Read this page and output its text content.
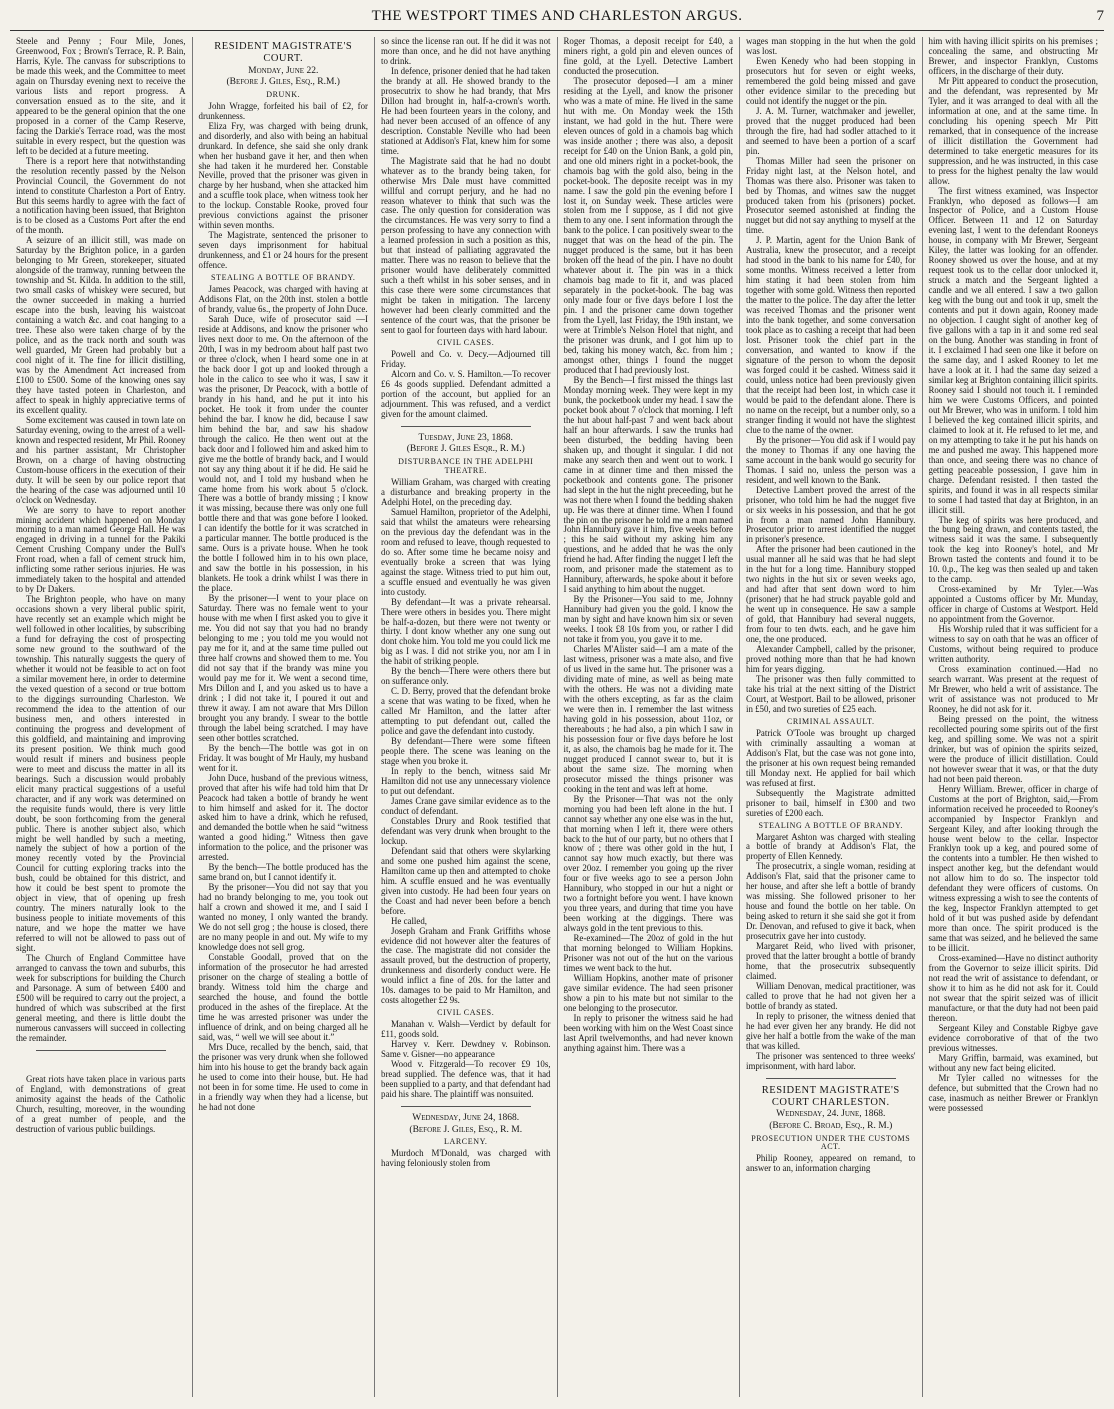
THE WESTPORT TIMES AND CHARLESTON ARGUS.	7

Steele and Penny ; Four Mile, Jones, Greenwood, Fox ; Brown's Terrace, R. P. Bain, Harris, Kyle. The canvass for subscriptions to be made this week, and the Committee to meet again on Thursday evening next to receive the various lists and report progress. A conversation ensued as to the site, and it appeared to be the general opinion that the one proposed in a corner of the Camp Reserve, facing the Darkie's Terrace road, was the most suitable in every respect, but the question was left to be decided at a future meeting.

There is a report here that notwithstanding the resolution recently passed by the Nelson Provincial Council, the Government do not intend to constitute Charleston a Port of Entry. But this seems hardly to agree with the fact of a notification having been issued, that Brighton is to be closed as a Customs Port after the end of the month.

A seizure of an illicit still, was made on Saturday by the Brighton police, in a garden belonging to Mr Green, storekeeper, situated alongside of the tramway, running between the township and St. Kilda. In addition to the still, two small casks of whiskey were secured, but the owner succeeded in making a hurried escape into the bush, leaving his waistcoat containing a watch &c. and coat hanging to a tree. These also were taken charge of by the police, and as the track north and south was well guarded, Mr Green had probably but a cool night of it. The fine for illicit distilling, was by the Amendment Act increased from £100 to £500. Some of the knowing ones say they have tasted poteen in Charleston, and affect to speak in highly appreciative terms of its excellent quality.

Some excitement was caused in town late on Saturday evening, owing to the arrest of a well-known and respected resident, Mr Phil. Rooney and his partner assistant, Mr Christopher Brown, on a charge of having obstructing Custom-house officers in the execution of their duty. It will be seen by our police report that the hearing of the case was adjourned until 10 o'clock on Wednesday.

We are sorry to have to report another mining accident which happened on Monday morning to a man named George Hall. He was engaged in driving in a tunnel for the Pakiki Cement Crushing Company under the Bull's Front road, when a fall of cement struck him, inflicting some rather serious injuries. He was immediately taken to the hospital and attended to by Dr Dakers.

The Brighton people, who have on many occasions shown a very liberal public spirit, have recently set an example which might be well followed in other localities, by subscribing a fund for defraying the cost of prospecting some new ground to the southward of the township. This naturally suggests the query of whether it would not be feasible to act on foot a similar movement here, in order to determine the vexed question of a second or true bottom to the diggings surrounding Charleston. We recommend the idea to the attention of our business men, and others interested in continuing the progress and development of this goldfield, and maintaining and improving its present position. We think much good would result if miners and business people were to meet and discuss the matter in all its bearings. Such a discussion would probably elicit many practical suggestions of a useful character, and if any work was determined on the requisite funds would, there is very little doubt, be soon forthcoming from the general public. There is another subject also, which might be well handled by such a meeting, namely the subject of how a portion of the money recently voted by the Provincial Council for cutting exploring tracks into the bush, could be obtained for this district, and how it could be best spent to promote the object in view, that of opening up fresh country. The miners naturally look to the business people to initiate movements of this nature, and we hope the matter we have referred to will not be allowed to pass out of sight.

The Church of England Committee have arranged to canvass the town and suburbs, this week for subscriptions for building the Church and Parsonage. A sum of between £400 and £500 will be required to carry out the project, a hundred of which was subscribed at the first general meeting, and there is little doubt the numerous canvassers will succeed in collecting the remainder.

Great riots have taken place in various parts of England, with demonstrations of great animosity against the heads of the Catholic Church, resulting, moreover, in the wounding of a great number of people, and the destruction of various public buildings.

RESIDENT MAGISTRATE'S COURT.
Monday, June 22.
(Before J. Giles, Esq., R.M.)
DRUNK.

John Wragge, forfeited his bail of £2, for drunkenness.

Eliza Fry, was charged with being drunk, and disorderly, and also with being an habitual drunkard. In defence, she said she only drank when her husband gave it her, and then when she had taken it he murdered her. Constable Neville, proved that the prisoner was given in charge by her husband, when she attacked him and a scuffle took place, when witness took her to the lockup. Constable Rooke, proved four previous convictions against the prisoner within seven months.

The Magistrate, sentenced the prisoner to seven days imprisonment for habitual drunkenness, and £1 or 24 hours for the present offence.

STEALING A BOTTLE OF BRANDY.

James Peacock, was charged with having at Addisons Flat, on the 20th inst. stolen a bottle of brandy, value 6s., the property of John Duce.

Sarah Duce, wife of prosecutor said —I reside at Addisons, and know the prisoner who lives next door to me. On the afternoon of the 20th, I was in my bedroom about half past two or three o'clock, when I heard some one in at the back door I got up and looked through a hole in the calico to see who it was, I saw it was the prisoner, Dr Peacock, with a bottle of brandy in his hand, and he put it into his pocket. He took it from under the counter behind the bar. I know he did, because I saw him behind the bar, and saw his shadow through the calico. He then went out at the back door and I followed him and asked him to give me the bottle of brandy back, and I would not say any thing about it if he did. He said he would not, and I told my husband when he came home from his work about 5 o'clock. There was a bottle of brandy missing ; I know it was missing, because there was only one full bottle there and that was gone before I looked. I can identify the bottle for it was scratched in a particular manner. The bottle produced is the same. Ours is a private house. When he took the bottle I followed him in to his own place, and saw the bottle in his possession, in his blankets. He took a drink whilst I was there in the place.

By the prisoner—I went to your place on Saturday. There was no female went to your house with me when I first asked you to give it me. You did not say that you had no brandy belonging to me ; you told me you would not pay me for it, and at the same time pulled out three half crowns and showed them to me. You did not say that if the brandy was mine you would pay me for it. We went a second time, Mrs Dillon and I, and you asked us to have a drink ; I did not take it, I poured it out and threw it away. I am not aware that Mrs Dillon brought you any brandy. I swear to the bottle through the label being scratched. I may have seen other bottles scratched.

By the bench—The bottle was got in on Friday. It was bought of Mr Hauly, my husband went for it.

John Duce, husband of the previous witness, proved that after his wife had told him that Dr Peacock had taken a bottle of brandy he went to him himself and asked for it. The doctor asked him to have a drink, which he refused, and demanded the bottle when he said “witness wanted a good hiding.” Witness then gave information to the police, and the prisoner was arrested.

By the bench—The bottle produced has the same brand on, but I cannot identify it.

By the prisoner—You did not say that you had no brandy belonging to me, you took out half a crown and showed it me, and I said I wanted no money, I only wanted the brandy. We do not sell grog ; the house is closed, there are no many people in and out. My wife to my knowledge does not sell grog.

Constable Goodall, proved that on the information of the prosecutor he had arrested prisoner on the charge of stealing a bottle of brandy. Witness told him the charge and searched the house, and found the bottle produced in the ashes of the fireplace. At the time he was arrested prisoner was under the influence of drink, and on being charged all he said, was, “ well we will see about it.”

Mrs Duce, recalled by the bench, said, that the prisoner was very drunk when she followed him into his house to get the brandy back again he used to come into their house, but. He had not been in for some time. He used to come in in a friendly way when they had a license, but he had not done

so since the license ran out. If he did it was not more than once, and he did not have anything to drink.

In defence, prisoner denied that he had taken the brandy at all. He showed brandy to the prosecutrix to show he had brandy, that Mrs Dillon had brought in, half-a-crown's worth. He had been fourteen years in the colony, and had never been accused of an offence of any description. Constable Neville who had been stationed at Addison's Flat, knew him for some time.

The Magistrate said that he had no doubt whatever as to the brandy being taken, for otherwise Mrs Dale must have committed willful and corrupt perjury, and he had no reason whatever to think that such was the case. The only question for consideration was the circumstances. He was very sorry to find a person professing to have any connection with a learned profession in such a position as this, but that instead of palliating aggravated the matter. There was no reason to believe that the prisoner would have deliberately committed such a theft whilst in his sober senses, and in this case there were some circumstances that might be taken in mitigation. The larceny however had been clearly committed and the sentence of the court was, that the prisoner be sent to gaol for fourteen days with hard labour.

CIVIL CASES.

Powell and Co. v. Decy.—Adjourned till Friday.

Alcorn and Co. v. S. Hamilton.—To recover £6 4s goods supplied. Defendant admitted a portion of the account, but applied for an adjournment. This was refused, and a verdict given for the amount claimed.

Tuesday, June 23, 1868.
(Before J. Giles Esqr., R. M.)
DISTURBANCE IN THE ADELPHI THEATRE.

William Graham, was charged with creating a disturbance and breaking property in the Adelphi Hotel, on the preceding day.

Samuel Hamilton, proprietor of the Adelphi, said that whilst the amateurs were rehearsing on the previous day the defendant was in the room and refused to leave, though requested to do so. After some time he became noisy and eventually broke a screen that was lying against the stage. Witness tried to put him out, a scuffle ensued and eventually he was given into custody.

By defendant—It was a private rehearsal. There were others in besides you. There might be half-a-dozen, but there were not twenty or thirty. I dont know whether any one sung out dont choke him. You told me you could lick me big as I was. I did not strike you, nor am I in the habit of striking people.

By the bench—There were others there but on sufferance only.

C. D. Berry, proved that the defendant broke a scene that was wating to be fixed, when he called Mr Hamilton, and the latter after attempting to put defendant out, called the police and gave the defendant into custody.

By defendant—There were some fifteen people there. The scene was leaning on the stage when you broke it.

In reply to the bench, witness said Mr Hamilton did not use any unnecessary violence to put out defendant.

James Crane gave similar evidence as to the conduct of defendant.

Constables Drury and Rook testified that defendant was very drunk when brought to the lockup.

Defendant said that others were skylarking and some one pushed him against the scene, Hamilton came up then and attempted to choke him. A scuffle ensued and he was eventually given into custody. He had been four years on the Coast and had never been before a bench before.

He called,

Joseph Graham and Frank Griffiths whose evidence did not however alter the features of the case. The magistrate did not consider the assault proved, but the destruction of property, drunkenness and disorderly conduct were. He would inflict a fine of 20s. for the latter and 10s. damages to be paid to Mr Hamilton, and costs altogether £2 9s.

CIVIL CASES.

Manahan v. Walsh—Verdict by default for £11, goods sold.

Harvey v. Kerr. Dewdney v. Robinson. Same v. Gisner—no appearance

Wood v. Fitzgerald—To recover £9 10s, bread supplied. The defence was, that it had been supplied to a party, and that defendant had paid his share. The plaintiff was nonsuited.

Wednesday, June 24, 1868.
(Before J. Giles, Esq., R. M.
LARCENY.

Murdoch M'Donald, was charged with having feloniously stolen from

Roger Thomas, a deposit receipt for £40, a miners right, a gold pin and eleven ounces of fine gold, at the Lyell. Detective Lambert conducted the prosecution.

The prosecutor deposed—I am a miner residing at the Lyell, and know the prisoner who was a mate of mine. He lived in the same hut with me. On Monday week the 15th instant, we had gold in the hut. There were eleven ounces of gold in a chamois bag which was inside another ; there was also, a deposit receipt for £40 on the Union Bank, a gold pin, and one old miners right in a pocket-book, the chamois bag with the gold also, being in the pocket-book. The deposite receipt was in my name. I saw the gold pin the evening before I lost it, on Sunday week. These articles were stolen from me I suppose, as I did not give them to any one. I sent information through the bank to the police. I can positively swear to the nugget that was on the head of the pin. The nugget produced is the same, but it has been broken off the head of the pin. I have no doubt whatever about it. The pin was in a thick chamois bag made to fit it, and was placed separately in the pocket-book. The bag was only made four or five days before I lost the pin. I and the prisoner came down together from the Lyell, last Friday, the 19th instant, we were at Trimble's Nelson Hotel that night, and the prisoner was drunk, and I got him up to bed, taking his money watch, &c. from him ; amongst other, things I found the nugget produced that I had previously lost.

By the Bench—I first missed the things last Monday morning week. They were kept in my bunk, the pocketbook under my head. I saw the pocket book about 7 o'clock that morning. I left the hut about half-past 7 and went back about half an hour afterwards. I saw the trunks had been disturbed, the bedding having been shaken up, and thought it singular. I did not make any search then and went out to work. I came in at dinner time and then missed the pocketbook and contents gone. The prisoner had slept in the hut the night preceeding, but he was not there when I found the bedding shaken up. He was there at dinner time. When I found the pin on the prisoner he told me a man named John Hannibury gave it him, five weeks before ; this he said without my asking him any questions, and he added that he was the only friend he had. After finding the nugget I left the room, and prisoner made the statement as to Hannibury, afterwards, he spoke about it before I said anything to him about the nugget.

By the Prisoner—You said to me, Johnny Hannibury had given you the gold. I know the man by sight and have known him six or seven weeks. I took £8 10s from you, or rather I did not take it from you, you gave it to me.

Charles M'Alister said—I am a mate of the last witness, prisoner was a mate also, and five of us lived in the same hut. The prisoner was a dividing mate of mine, as well as being mate with the others. He was not a dividing mate with the others excepting, as far as the claim we were then in. I remember the last witness having gold in his possession, about 11oz, or thereabouts ; he had also, a pin which I saw in his possession four or five days before he lost it, as also, the chamois bag he made for it. The nugget produced I cannot swear to, but it is about the same size. The morning when prosecutor missed the things prisoner was cooking in the tent and was left at home.

By the Prisoner—That was not the only morning you had been left alone in the hut. I cannot say whether any one else was in the hut, that morning when I left it, there were others back to the hut of our party, but no others that I know of ; there was other gold in the hut, I cannot say how much exactly, but there was over 20oz. I remember you going up the river four or five weeks ago to see a person John Hannibury, who stopped in our hut a night or two a fortnight before you went. I have known you three years, and during that time you have been working at the diggings. There was always gold in the tent previous to this.

Re-examined—The 20oz of gold in the hut that morning belonged to William Hopkins. Prisoner was not out of the hut on the various times we went back to the hut.

William Hopkins, another mate of prisoner gave similar evidence. The had seen prisoner show a pin to his mate but not similar to the one belonging to the prosecutor.

In reply to prisoner the witness said he had been working with him on the West Coast since last April twelvemonths, and had never known anything against him. There was a

wages man stopping in the hut when the gold was lost.

Ewen Kenedy who had been stopping in prosecutors hut for seven or eight weeks, remembered the gold being missed and gave other evidence similar to the preceding but could not identify the nugget or the pin.

J. A. M. Turner, watchmaker and jeweller, proved that the nugget produced had been through the fire, had had sodler attached to it and seemed to have been a portion of a scarf pin.

Thomas Miller had seen the prisoner on Friday night last, at the Nelson hotel, and Thomas was there also. Prisoner was taken to bed by Thomas, and witnes saw the nugget produced taken from his (prisoners) pocket. Prosecutor seemed astonished at finding the nugget but did not say anything to myself at the time.

J. P. Martin, agent for the Union Bank of Australia, knew the prosecutor, and a receipt had stood in the bank to his name for £40, for some months. Witness received a letter from him stating it had been stolen from him together with some gold. Witness then reported the matter to the police. The day after the letter was received Thomas and the prisoner went into the bank together, and some conversation took place as to cashing a receipt that had been lost. Prisoner took the chief part in the conversation, and wanted to know if the signature of the person to whom the deposit was forged could it be cashed. Witness said it could, unless notice had been previously given that the receipt had been lost, in which case it would be paid to the defendant alone. There is no name on the receipt, but a number only, so a stranger finding it would not have the slightest clue to the name of the owner.

By the prisoner—You did ask if I would pay the money to Thomas if any one having the same account in the bank would go security for Thomas. I said no, unless the person was a resident, and well known to the Bank.

Detective Lambert proved the arrest of the prisoner, who told him he had the nugget five or six weeks in his possession, and that he got in from a man named John Hannibury. Prosecutor prior to arrest identified the nugget in prisoner's presence.

After the prisoner had been cautioned in the usual manner all he said was that he had slept in the hut for a long time. Hannibury stopped two nights in the hut six or seven weeks ago, and had after that sent down word to him (prisoner) that he had struck payable gold and he went up in consequence. He saw a sample of gold, that Hannibury had several nuggets, from four to ten dwts. each, and he gave him one, the one produced.

Alexander Campbell, called by the prisoner, proved nothing more than that he had known him for years digging.

The prisoner was then fully committed to take his trial at the next sitting of the District Court, at Westport. Bail to be allowed, prisoner in £50, and two sureties of £25 each.

CRIMINAL ASSAULT.

Patrick O'Toole was brought up charged with criminally assaulting a woman at Addison's Flat, but the case was not gone into, the prisoner at his own request being remanded till Monday next. He applied for bail which was refused at first.

Subsequently the Magistrate admitted prisoner to bail, himself in £300 and two sureties of £200 each.

STEALING A BOTTLE OF BRANDY.

Margaret Ashton was charged with stealing a bottle of brandy at Addison's Flat, the property of Ellen Kennedy.

The prosecutrix, a single woman, residing at Addison's Flat, said that the prisoner came to her house, and after she left a bottle of brandy was missing. She followed prisoner to her house and found the bottle on her table. On being asked to return it she said she got it from Dr. Denovan, and refused to give it back, when prosecutrix gave her into custody.

Margaret Reid, who lived with prisoner, proved that the latter brought a bottle of brandy home, that the prosecutrix subsequently claimed.

William Denovan, medical practitioner, was called to prove that he had not given her a bottle of brandy as stated.

In reply to prisoner, the witness denied that he had ever given her any brandy. He did not give her half a bottle from the wake of the man that was killed.

The prisoner was sentenced to three weeks' imprisonment, with hard labor.

RESIDENT MAGISTRATE'S COURT CHARLESTON.
Wednesday, 24. June, 1868.
(Before C. Broad, Esq., R. M.)
PROSECUTION UNDER THE CUSTOMS ACT.

Philip Rooney, appeared on remand, to answer to an, information charging

him with having illicit spirits on his premises ; concealing the same, and obstructing Mr Brewer, and inspector Franklyn, Customs officers, in the discharge of their duty.

Mr Pitt appeared to conduct the prosecution, and the defendant, was represented by Mr Tyler, and it was arranged to deal with all the information at one, and at the same time. In concluding his opening speech Mr Pitt remarked, that in consequence of the increase of illicit distillation the Government had determined to take energetic measures for its suppression, and he was instructed, in this case to press for the highest penalty the law would allow.

The first witness examined, was Inspector Franklyn, who deposed as follows—I am Inspector of Police, and a Custom House Officer. Between 11 and 12 on Saturday evening last, I went to the defendant Rooneys house, in company with Mr Brewer, Sergeant Kiley, the latter was looking for an offender. Rooney showed us over the house, and at my request took us to the cellar door unlocked it, struck a match and the Sergeant lighted a candle and we all entered. I saw a two gallon keg with the bung out and took it up, smelt the contents and put it down again, Rooney made no objection. I caught sight of another keg of five gallons with a tap in it and some red seal on the bung. Another was standing in front of it. I exclaimed I had seen one like it before on the same day, and I asked Rooney to let me have a look at it. I had the same day seized a similar keg at Brighton containing illicit spirits. Rooney said I should not touch it. I reminded him we were Customs Officers, and pointed out Mr Brewer, who was in uniform. I told him I believed the keg contained illicit spirits, and claimed to look at it. He refused to let me, and on my attempting to take it he put his hands on me and pushed me away. This happened more than once, and seeing there was no chance of getting peaceable possession, I gave him in charge. Defendant resisted. I then tasted the spirits, and found it was in all respects similar to some I had tasted that day at Brighton, in an illicit still.

The keg of spirits was here produced, and the bung being drawn, and contents tasted, the witness said it was the same. I subsequently took the keg into Rooney's hotel, and Mr Brown tasted the contents and found it to be 10. 0.p., The keg was then sealed up and taken to the camp.

Cross-examined by Mr Tyler.—Was appointed a Customs officer by Mr. Munday, officer in charge of Customs at Westport. Held no appointment from the Governor.

His Worship ruled that it was sufficient for a witness to say on oath that he was an officer of Customs, without being required to produce written authority.

Cross examination continued.—Had no search warrant. Was present at the request of Mr Brewer, who held a writ of assistance. The writ of assistance was not produced to Mr Rooney, he did not ask for it.

Being pressed on the point, the witness recollected pouring some spirits out of the first keg, and spilling some. We was not a spirit drinker, but was of opinion the spirits seized, were the produce of illicit distillation. Could not however swear that it was, or that the duty had not been paid thereon.

Henry William. Brewer, officer in charge of Customs at the port of Brighton, said,—From information received he proceeded to Rooney's accompanied by Inspector Franklyn and Sergeant Kiley, and after looking through the house went below to the cellar. Inspector Franklyn took up a keg, and poured some of the contents into a tumbler. He then wished to inspect another keg, but the defendant would not allow him to do so. The inspector told defendant they were officers of customs. On witness expressing a wish to see the contents of the keg, Inspector Franklyn attempted to get hold of it but was pushed aside by defendant more than once. The spirit produced is the same that was seized, and he believed the same to be illicit.

Cross-examined—Have no distinct authority from the Governor to seize illicit spirits. Did not read the writ of assistance to defendant, or show it to him as he did not ask for it. Could not swear that the spirit seized was of illicit manufacture, or that the duty had not been paid thereon.

Sergeant Kiley and Constable Rigbye gave evidence corroborative of that of the two previous witnesses.

Mary Griffin, barmaid, was examined, but without any new fact being elicited.

Mr Tyler called no witnesses for the defence, but submitted that the Crown had no case, inasmuch as neither Brewer or Franklyn were possessed
